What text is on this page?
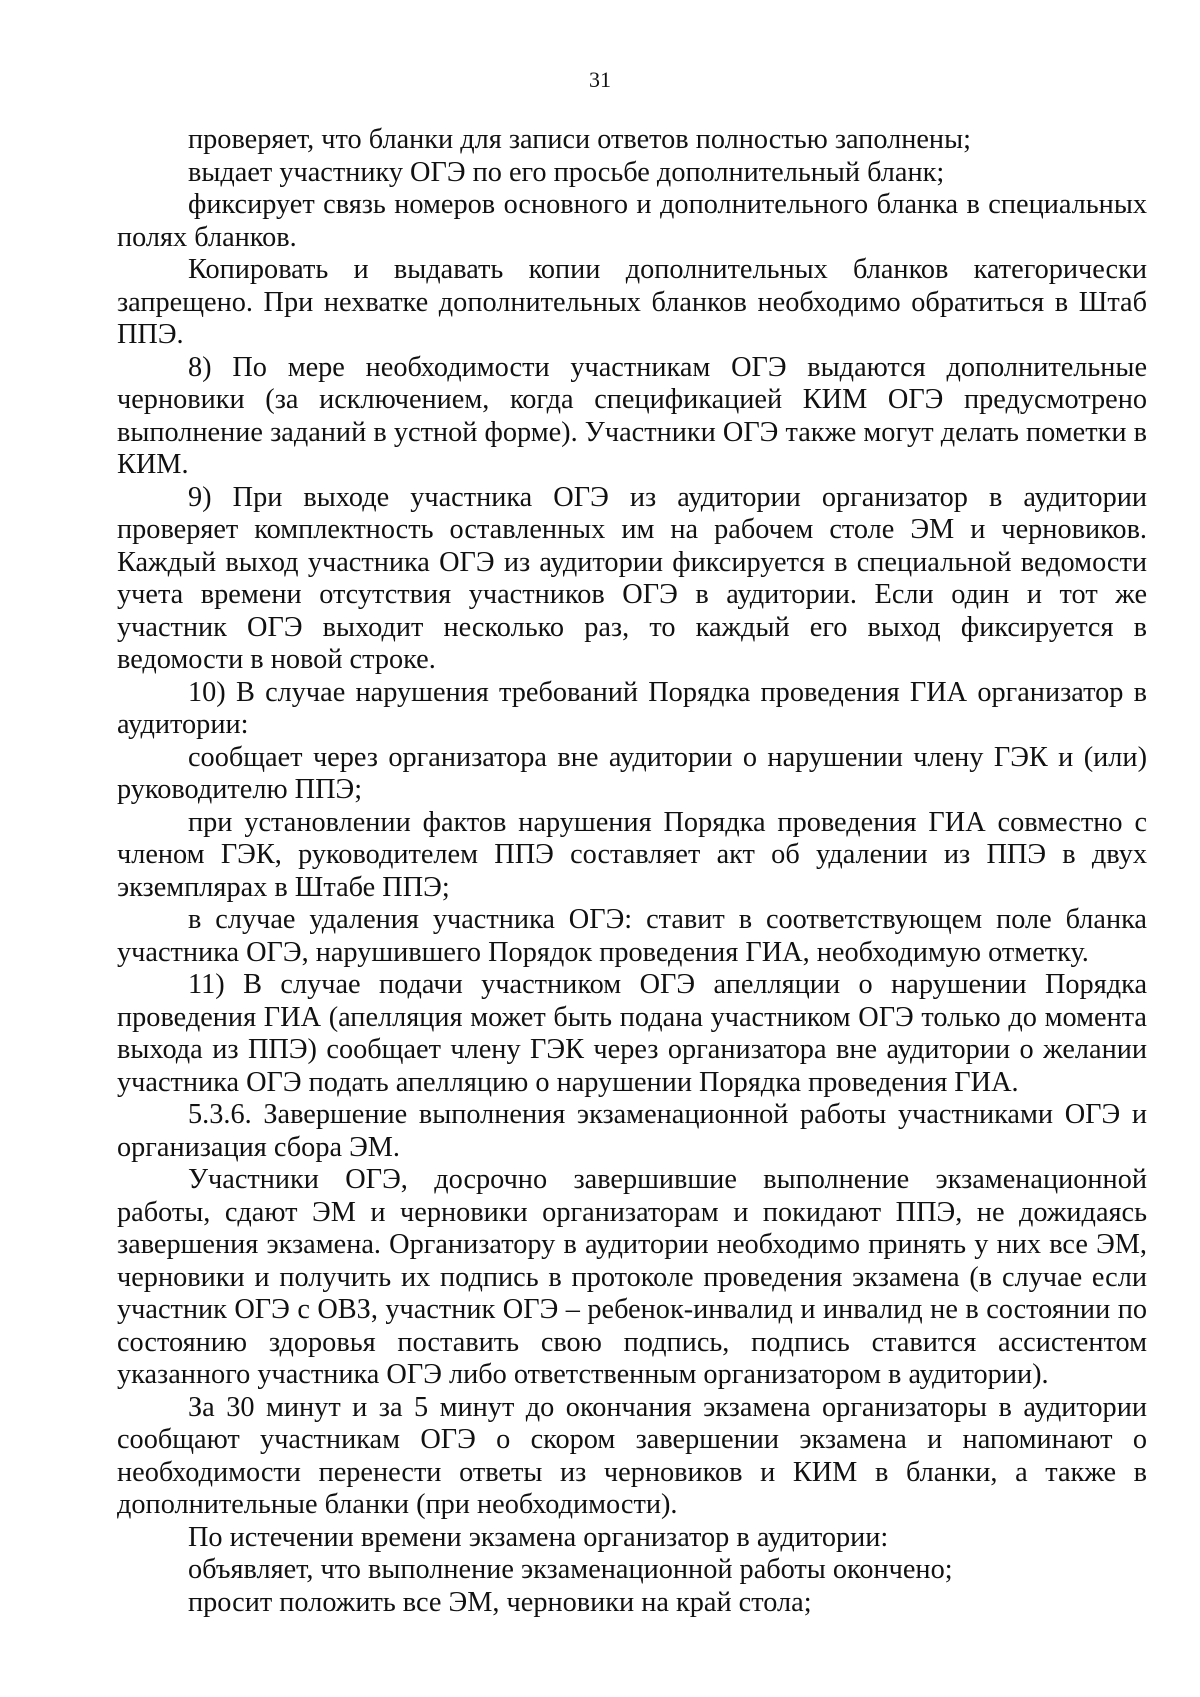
31

проверяет, что бланки для записи ответов полностью заполнены;

выдает участнику ОГЭ по его просьбе дополнительный бланк;

фиксирует связь номеров основного и дополнительного бланка в специальных полях бланков.

Копировать и выдавать копии дополнительных бланков категорически запрещено. При нехватке дополнительных бланков необходимо обратиться в Штаб ППЭ.

8) По мере необходимости участникам ОГЭ выдаются дополнительные черновики (за исключением, когда спецификацией КИМ ОГЭ предусмотрено выполнение заданий в устной форме). Участники ОГЭ также могут делать пометки в КИМ.

9) При выходе участника ОГЭ из аудитории организатор в аудитории проверяет комплектность оставленных им на рабочем столе ЭМ и черновиков. Каждый выход участника ОГЭ из аудитории фиксируется в специальной ведомости учета времени отсутствия участников ОГЭ в аудитории. Если один и тот же участник ОГЭ выходит несколько раз, то каждый его выход фиксируется в ведомости в новой строке.

10) В случае нарушения требований Порядка проведения ГИА организатор в аудитории:

сообщает через организатора вне аудитории о нарушении члену ГЭК и (или) руководителю ППЭ;

при установлении фактов нарушения Порядка проведения ГИА совместно с членом ГЭК, руководителем ППЭ составляет акт об удалении из ППЭ в двух экземплярах в Штабе ППЭ;

в случае удаления участника ОГЭ: ставит в соответствующем поле бланка участника ОГЭ, нарушившего Порядок проведения ГИА, необходимую отметку.

11) В случае подачи участником ОГЭ апелляции о нарушении Порядка проведения ГИА (апелляция может быть подана участником ОГЭ только до момента выхода из ППЭ) сообщает члену ГЭК через организатора вне аудитории о желании участника ОГЭ подать апелляцию о нарушении Порядка проведения ГИА.

5.3.6. Завершение выполнения экзаменационной работы участниками ОГЭ и организация сбора ЭМ.

Участники ОГЭ, досрочно завершившие выполнение экзаменационной работы, сдают ЭМ и черновики организаторам и покидают ППЭ, не дожидаясь завершения экзамена. Организатору в аудитории необходимо принять у них все ЭМ, черновики и получить их подпись в протоколе проведения экзамена (в случае если участник ОГЭ с ОВЗ, участник ОГЭ – ребенок-инвалид и инвалид не в состоянии по состоянию здоровья поставить свою подпись, подпись ставится ассистентом указанного участника ОГЭ либо ответственным организатором в аудитории).

За 30 минут и за 5 минут до окончания экзамена организаторы в аудитории сообщают участникам ОГЭ о скором завершении экзамена и напоминают о необходимости перенести ответы из черновиков и КИМ в бланки, а также в дополнительные бланки (при необходимости).

По истечении времени экзамена организатор в аудитории:

объявляет, что выполнение экзаменационной работы окончено;

просит положить все ЭМ, черновики на край стола;
